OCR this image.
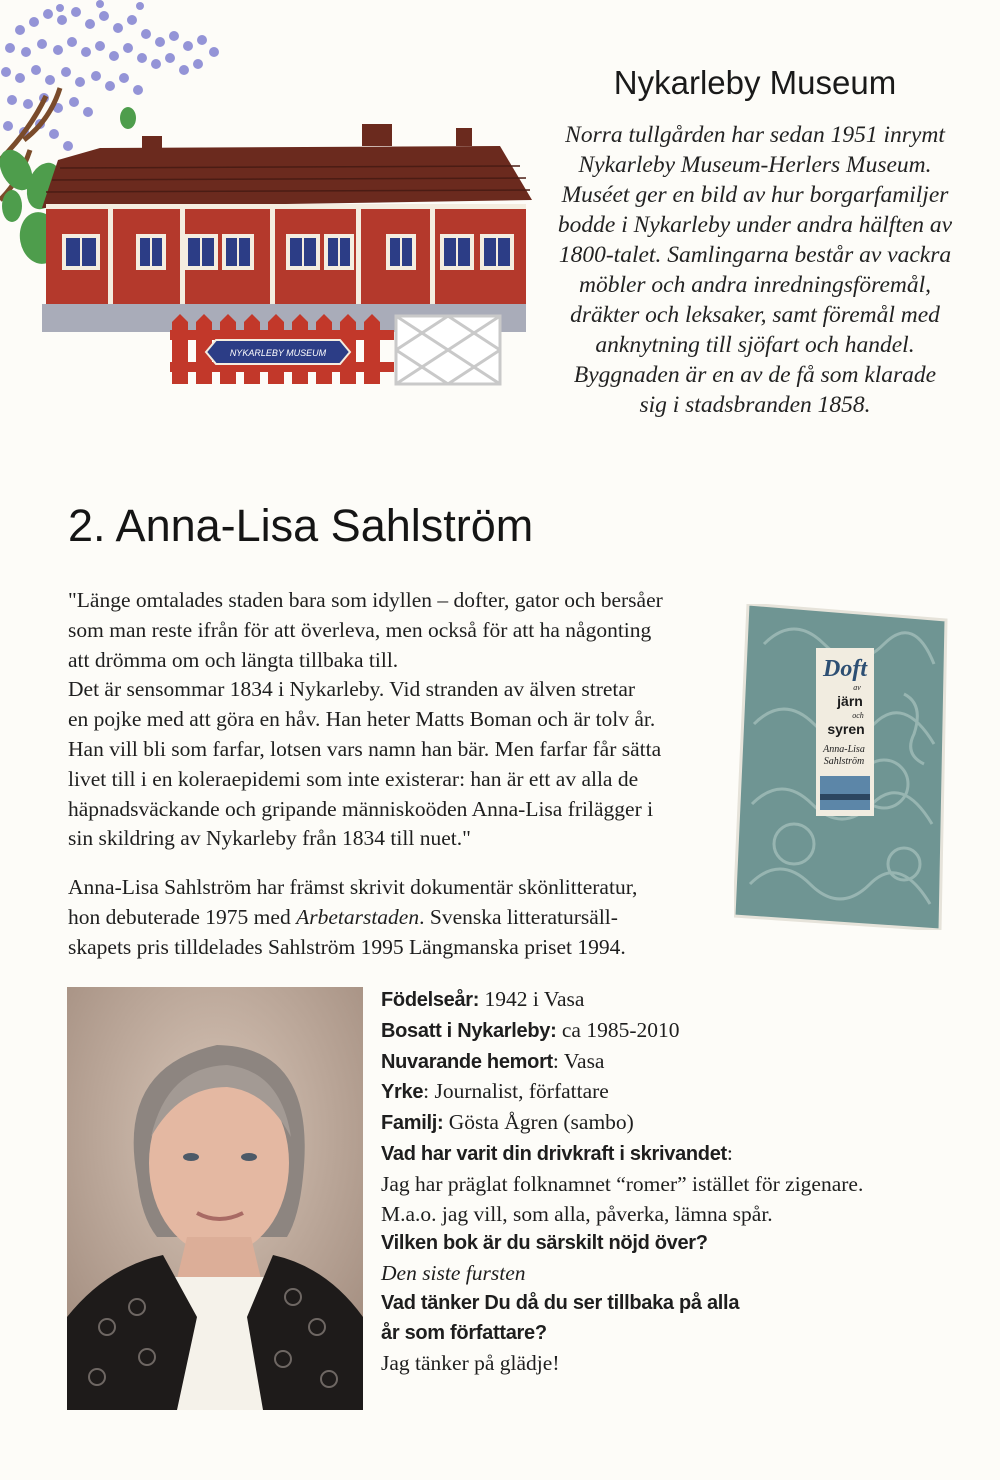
NYKARLEBY MUSEUM
Nykarleby Museum
Norra tullgården har sedan 1951 inrymt
Nykarleby Museum-Herlers Museum.
Muséet ger en bild av hur borgarfamiljer
bodde i Nykarleby under andra hälften av
1800-talet. Samlingarna består av vackra
möbler och andra inredningsföremål,
dräkter och leksaker, samt föremål med
anknytning till sjöfart och handel.
Byggnaden är en av de få som klarade
sig i stadsbranden 1858.
2. Anna-Lisa Sahlström
"Länge omtalades staden bara som idyllen – dofter, gator och bersåer
som man reste ifrån för att överleva, men också för att ha någonting
att drömma om och längta tillbaka till.
Det är sensommar 1834 i Nykarleby. Vid stranden av älven stretar
en pojke med att göra en håv. Han heter Matts Boman och är tolv år.
Han vill bli som farfar, lotsen vars namn han bär. Men farfar får sätta
livet till i en koleraepidemi som inte existerar: han är ett av alla de
häpnadsväckande och gripande människoöden Anna-Lisa frilägger i
sin skildring av Nykarleby från 1834 till nuet."
Anna-Lisa Sahlström har främst skrivit dokumentär skönlitteratur,
hon debuterade 1975 med Arbetarstaden. Svenska litteratursäll-
skapets pris tilldelades Sahlström 1995 Längmanska priset 1994.
Doft
av
järn
och
syren
Anna-Lisa
Sahlström
Födelseår: 1942 i Vasa
Bosatt i Nykarleby: ca 1985-2010
Nuvarande hemort: Vasa
Yrke: Journalist, författare
Familj: Gösta Ågren (sambo)
Vad har varit din drivkraft i skrivandet:
Jag har präglat folknamnet “romer” istället för zigenare.
M.a.o. jag vill, som alla, påverka, lämna spår.
Vilken bok är du särskilt nöjd över?
Den siste fursten
Vad tänker Du då du ser tillbaka på alla
år som författare?
Jag tänker på glädje!
